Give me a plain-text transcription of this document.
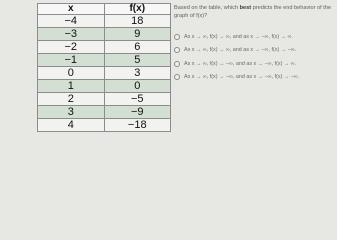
x	f(x)
−4	18
−3	9
−2	6
−1	5
0	3
1	0
2	−5
3	−9
4	−18

Based on the table, which best predicts the end behavior of the graph of f(x)?

As x → ∞, f(x) → ∞, and as x → −∞, f(x) → ∞.
As x → ∞, f(x) → ∞, and as x → −∞, f(x) → −∞.
As x → ∞, f(x) → −∞, and as x → −∞, f(x) → ∞.
As x → ∞, f(x) → −∞, and as x → −∞, f(x) → −∞.
